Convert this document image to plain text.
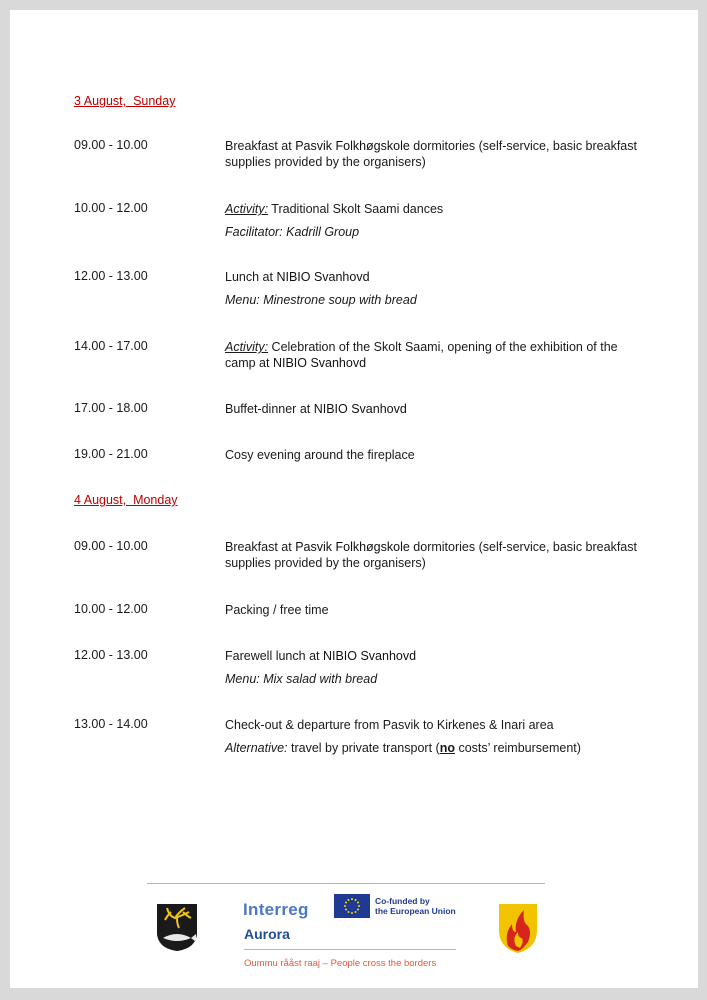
3 August,  Sunday
09.00 - 10.00	Breakfast at Pasvik Folkhøgskole dormitories (self-service, basic breakfast supplies provided by the organisers)
10.00 - 12.00	Activity: Traditional Skolt Saami dances
Facilitator: Kadrill Group
12.00 - 13.00	Lunch at NIBIO Svanhovd
Menu: Minestrone soup with bread
14.00 - 17.00	Activity: Celebration of the Skolt Saami, opening of the exhibition of the camp at NIBIO Svanhovd
17.00 - 18.00	Buffet-dinner at NIBIO Svanhovd
19.00 - 21.00	Cosy evening around the fireplace
4 August,  Monday
09.00 - 10.00	Breakfast at Pasvik Folkhøgskole dormitories (self-service, basic breakfast supplies provided by the organisers)
10.00 - 12.00	Packing / free time
12.00 - 13.00	Farewell lunch at NIBIO Svanhovd
Menu: Mix salad with bread
13.00 - 14.00	Check-out & departure from Pasvik to Kirkenes & Inari area
Alternative: travel by private transport (no costs’ reimbursement)
Interreg	Co-funded by
the European Union
Aurora
Oummu rååst raaj – People cross the borders
